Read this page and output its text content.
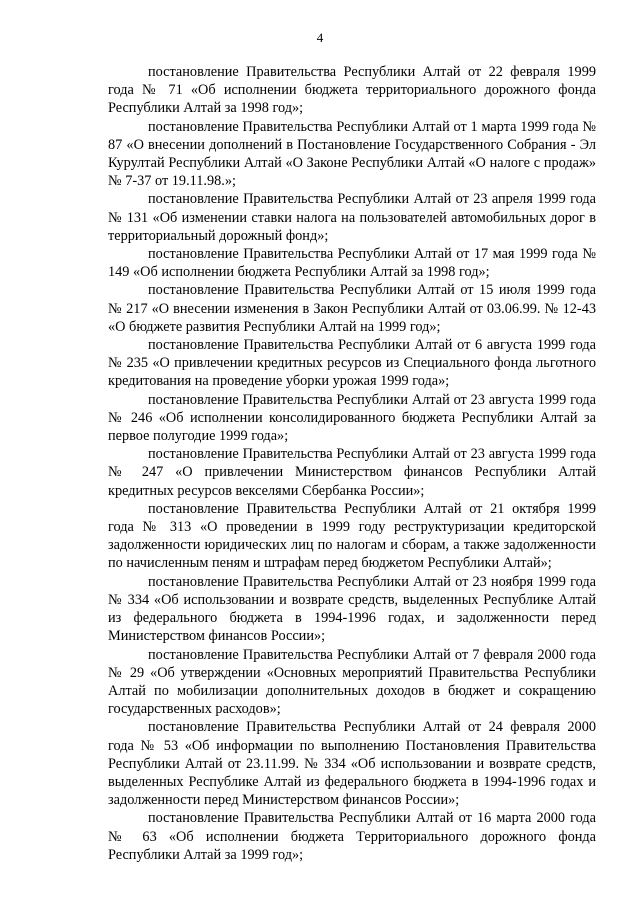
4

постановление Правительства Республики Алтай от 22 февраля 1999 года № 71 «Об исполнении бюджета территориального дорожного фонда Республики Алтай за 1998 год»;

постановление Правительства Республики Алтай от 1 марта 1999 года № 87 «О внесении дополнений в Постановление Государственного Собрания - Эл Курултай Республики Алтай «О Законе Республики Алтай «О налоге с продаж» № 7-37 от 19.11.98.»;

постановление Правительства Республики Алтай от 23 апреля 1999 года № 131 «Об изменении ставки налога на пользователей автомобильных дорог в территориальный дорожный фонд»;

постановление Правительства Республики Алтай от 17 мая 1999 года № 149 «Об исполнении бюджета Республики Алтай за 1998 год»;

постановление Правительства Республики Алтай от 15 июля 1999 года № 217 «О внесении изменения в Закон Республики Алтай от 03.06.99. № 12-43 «О бюджете развития Республики Алтай на 1999 год»;

постановление Правительства Республики Алтай от 6 августа 1999 года № 235 «О привлечении кредитных ресурсов из Специального фонда льготного кредитования на проведение уборки урожая 1999 года»;

постановление Правительства Республики Алтай от 23 августа 1999 года № 246 «Об исполнении консолидированного бюджета Республики Алтай за первое полугодие 1999 года»;

постановление Правительства Республики Алтай от 23 августа 1999 года № 247 «О привлечении Министерством финансов Республики Алтай кредитных ресурсов векселями Сбербанка России»;

постановление Правительства Республики Алтай от 21 октября 1999 года № 313 «О проведении в 1999 году реструктуризации кредиторской задолженности юридических лиц по налогам и сборам, а также задолженности по начисленным пеням и штрафам перед бюджетом Республики Алтай»;

постановление Правительства Республики Алтай от 23 ноября 1999 года № 334 «Об использовании и возврате средств, выделенных Республике Алтай из федерального бюджета в 1994-1996 годах, и задолженности перед Министерством финансов России»;

постановление Правительства Республики Алтай от 7 февраля 2000 года № 29 «Об утверждении «Основных мероприятий Правительства Республики Алтай по мобилизации дополнительных доходов в бюджет и сокращению государственных расходов»;

постановление Правительства Республики Алтай от 24 февраля 2000 года № 53 «Об информации по выполнению Постановления Правительства Республики Алтай от 23.11.99. № 334 «Об использовании и возврате средств, выделенных Республике Алтай из федерального бюджета в 1994-1996 годах и задолженности перед Министерством финансов России»;

постановление Правительства Республики Алтай от 16 марта 2000 года № 63 «Об исполнении бюджета Территориального дорожного фонда Республики Алтай за 1999 год»;
